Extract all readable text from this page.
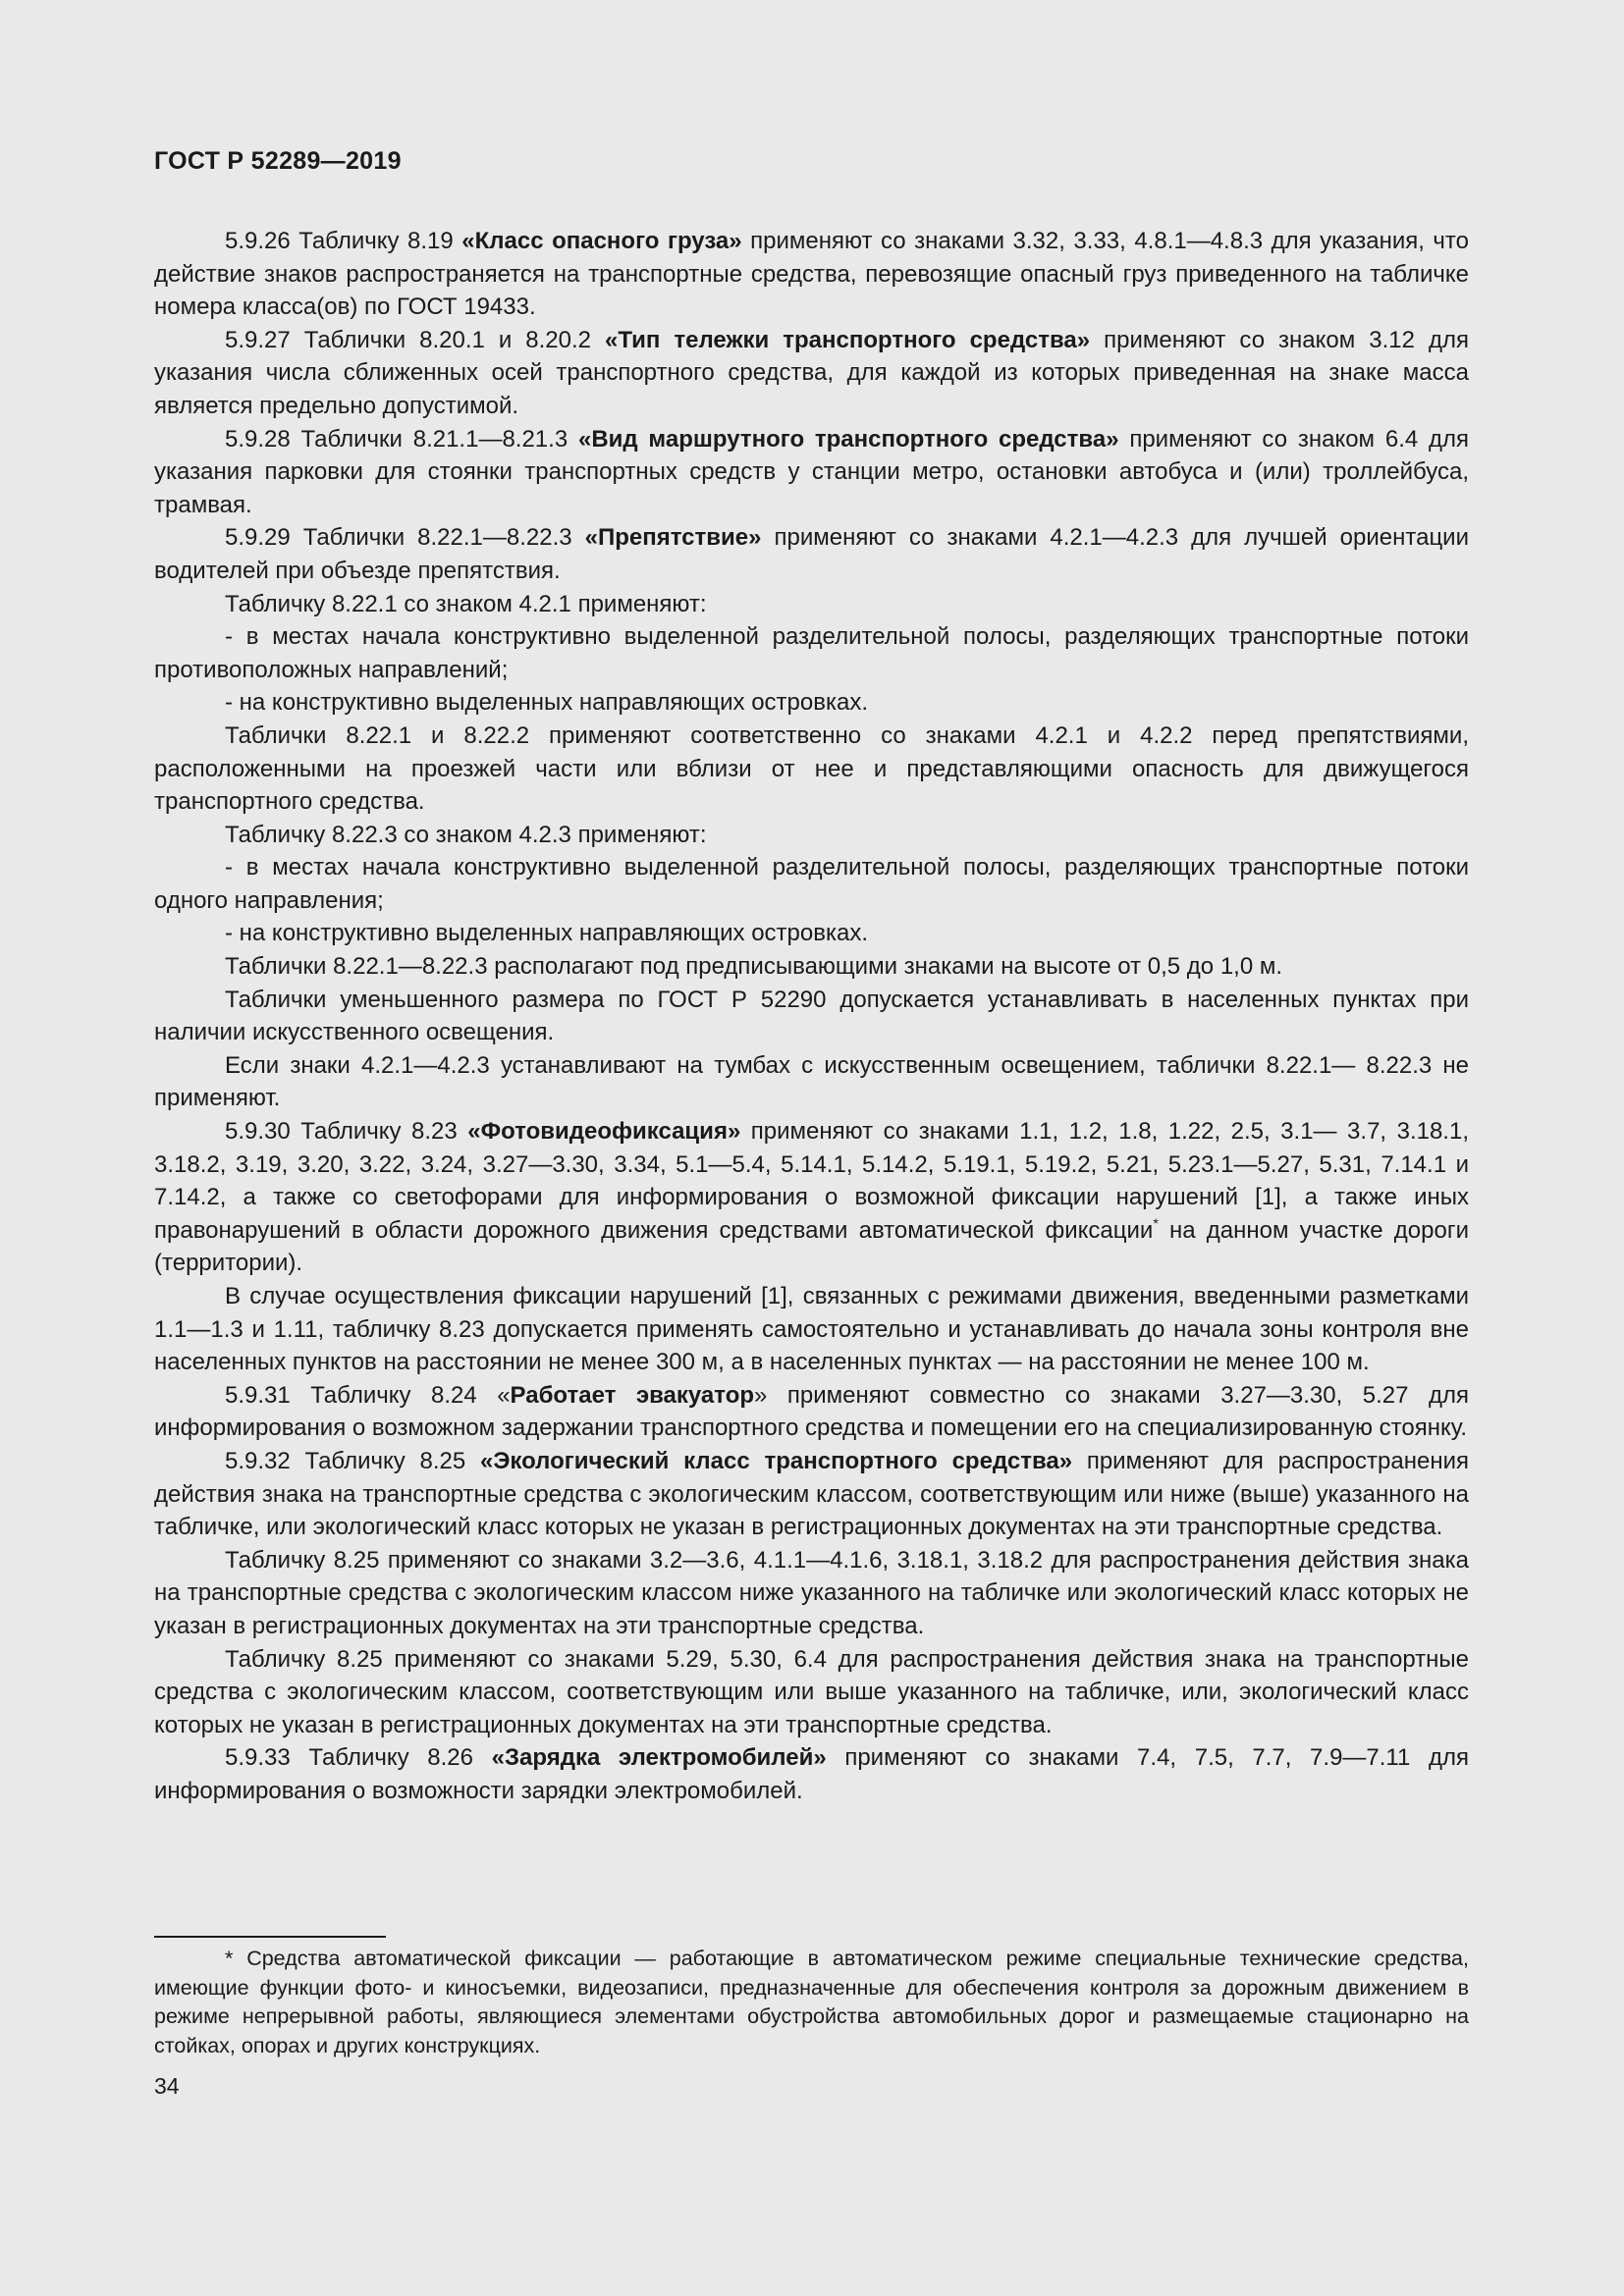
ГОСТ Р 52289—2019

5.9.26 Табличку 8.19 «Класс опасного груза» применяют со знаками 3.32, 3.33, 4.8.1—4.8.3 для указания, что действие знаков распространяется на транспортные средства, перевозящие опасный груз приведенного на табличке номера класса(ов) по ГОСТ 19433.

5.9.27 Таблички 8.20.1 и 8.20.2 «Тип тележки транспортного средства» применяют со знаком 3.12 для указания числа сближенных осей транспортного средства, для каждой из которых приведенная на знаке масса является предельно допустимой.

5.9.28 Таблички 8.21.1—8.21.3 «Вид маршрутного транспортного средства» применяют со знаком 6.4 для указания парковки для стоянки транспортных средств у станции метро, остановки автобуса и (или) троллейбуса, трамвая.

5.9.29 Таблички 8.22.1—8.22.3 «Препятствие» применяют со знаками 4.2.1—4.2.3 для лучшей ориентации водителей при объезде препятствия.

Табличку 8.22.1 со знаком 4.2.1 применяют:

- в местах начала конструктивно выделенной разделительной полосы, разделяющих транспортные потоки противоположных направлений;

- на конструктивно выделенных направляющих островках.

Таблички 8.22.1 и 8.22.2 применяют соответственно со знаками 4.2.1 и 4.2.2 перед препятствиями, расположенными на проезжей части или вблизи от нее и представляющими опасность для движущегося транспортного средства.

Табличку 8.22.3 со знаком 4.2.3 применяют:

- в местах начала конструктивно выделенной разделительной полосы, разделяющих транспортные потоки одного направления;

- на конструктивно выделенных направляющих островках.

Таблички 8.22.1—8.22.3 располагают под предписывающими знаками на высоте от 0,5 до 1,0 м.

Таблички уменьшенного размера по ГОСТ Р 52290 допускается устанавливать в населенных пунктах при наличии искусственного освещения.

Если знаки 4.2.1—4.2.3 устанавливают на тумбах с искусственным освещением, таблички 8.22.1— 8.22.3 не применяют.

5.9.30 Табличку 8.23 «Фотовидеофиксация» применяют со знаками 1.1, 1.2, 1.8, 1.22, 2.5, 3.1— 3.7, 3.18.1, 3.18.2, 3.19, 3.20, 3.22, 3.24, 3.27—3.30, 3.34, 5.1—5.4, 5.14.1, 5.14.2, 5.19.1, 5.19.2, 5.21, 5.23.1—5.27, 5.31, 7.14.1 и 7.14.2, а также со светофорами для информирования о возможной фиксации нарушений [1], а также иных правонарушений в области дорожного движения средствами автоматической фиксации* на данном участке дороги (территории).

В случае осуществления фиксации нарушений [1], связанных с режимами движения, введенными разметками 1.1—1.3 и 1.11, табличку 8.23 допускается применять самостоятельно и устанавливать до начала зоны контроля вне населенных пунктов на расстоянии не менее 300 м, а в населенных пунктах — на расстоянии не менее 100 м.

5.9.31 Табличку 8.24 «Работает эвакуатор» применяют совместно со знаками 3.27—3.30, 5.27 для информирования о возможном задержании транспортного средства и помещении его на специализированную стоянку.

5.9.32 Табличку 8.25 «Экологический класс транспортного средства» применяют для распространения действия знака на транспортные средства с экологическим классом, соответствующим или ниже (выше) указанного на табличке, или экологический класс которых не указан в регистрационных документах на эти транспортные средства.

Табличку 8.25 применяют со знаками 3.2—3.6, 4.1.1—4.1.6, 3.18.1, 3.18.2 для распространения действия знака на транспортные средства с экологическим классом ниже указанного на табличке или экологический класс которых не указан в регистрационных документах на эти транспортные средства.

Табличку 8.25 применяют со знаками 5.29, 5.30, 6.4 для распространения действия знака на транспортные средства с экологическим классом, соответствующим или выше указанного на табличке, или, экологический класс которых не указан в регистрационных документах на эти транспортные средства.

5.9.33 Табличку 8.26 «Зарядка электромобилей» применяют со знаками 7.4, 7.5, 7.7, 7.9—7.11 для информирования о возможности зарядки электромобилей.

* Средства автоматической фиксации — работающие в автоматическом режиме специальные технические средства, имеющие функции фото- и киносъемки, видеозаписи, предназначенные для обеспечения контроля за дорожным движением в режиме непрерывной работы, являющиеся элементами обустройства автомобильных дорог и размещаемые стационарно на стойках, опорах и других конструкциях.

34
